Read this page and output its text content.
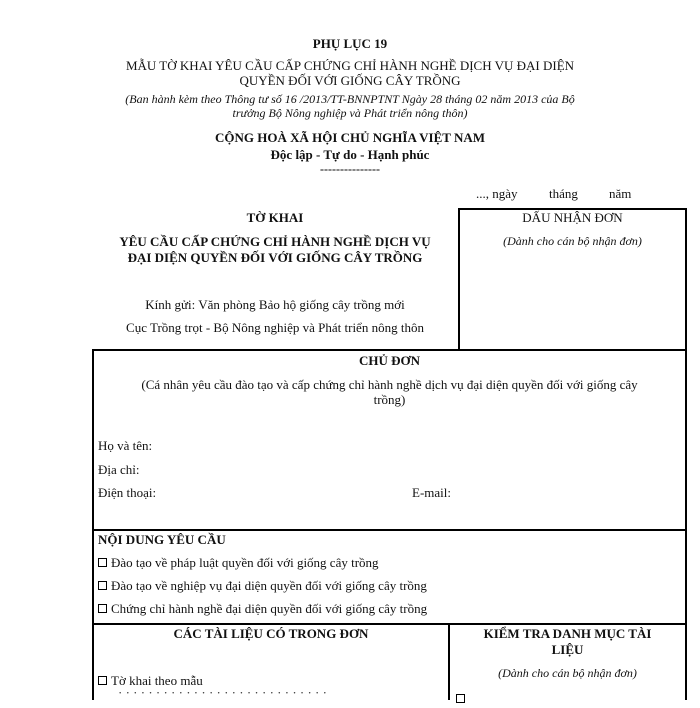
PHỤ LỤC 19
MẪU TỜ KHAI YÊU CẦU CẤP CHỨNG CHỈ HÀNH NGHỀ DỊCH VỤ ĐẠI DIỆN
QUYỀN ĐỐI VỚI GIỐNG CÂY TRỒNG
(Ban hành kèm theo Thông tư số 16 /2013/TT-BNNPTNT Ngày 28 tháng 02 năm 2013 của Bộ
trưởng Bộ Nông nghiệp và Phát triển nông thôn)
CỘNG HOÀ XÃ HỘI CHỦ NGHĨA VIỆT NAM
Độc lập - Tự do - Hạnh phúc
---------------
..., ngày tháng năm
TỜ KHAI
YÊU CẦU CẤP CHỨNG CHỈ HÀNH NGHỀ DỊCH VỤ
ĐẠI DIỆN QUYỀN ĐỐI VỚI GIỐNG CÂY TRỒNG
Kính gửi: Văn phòng Bảo hộ giống cây trồng mới
Cục Trồng trọt - Bộ Nông nghiệp và Phát triển nông thôn
DẤU NHẬN ĐƠN
(Dành cho cán bộ nhận đơn)
CHỦ ĐƠN
(Cá nhân yêu cầu đào tạo và cấp chứng chỉ hành nghề dịch vụ đại diện quyền đối với giống cây
trồng)
Họ và tên:
Địa chỉ:
Điện thoại:	E-mail:
NỘI DUNG YÊU CẦU
Đào tạo về pháp luật quyền đối với giống cây trồng
Đào tạo về nghiệp vụ đại diện quyền đối với giống cây trồng
Chứng chỉ hành nghề đại diện quyền đối với giống cây trồng
CÁC TÀI LIỆU CÓ TRONG ĐƠN
Tờ khai theo mẫu
· · · · · · · · · · · · · · · · · · · · · · · · · · · ·
KIỂM TRA DANH MỤC TÀI
LIỆU
(Dành cho cán bộ nhận đơn)
